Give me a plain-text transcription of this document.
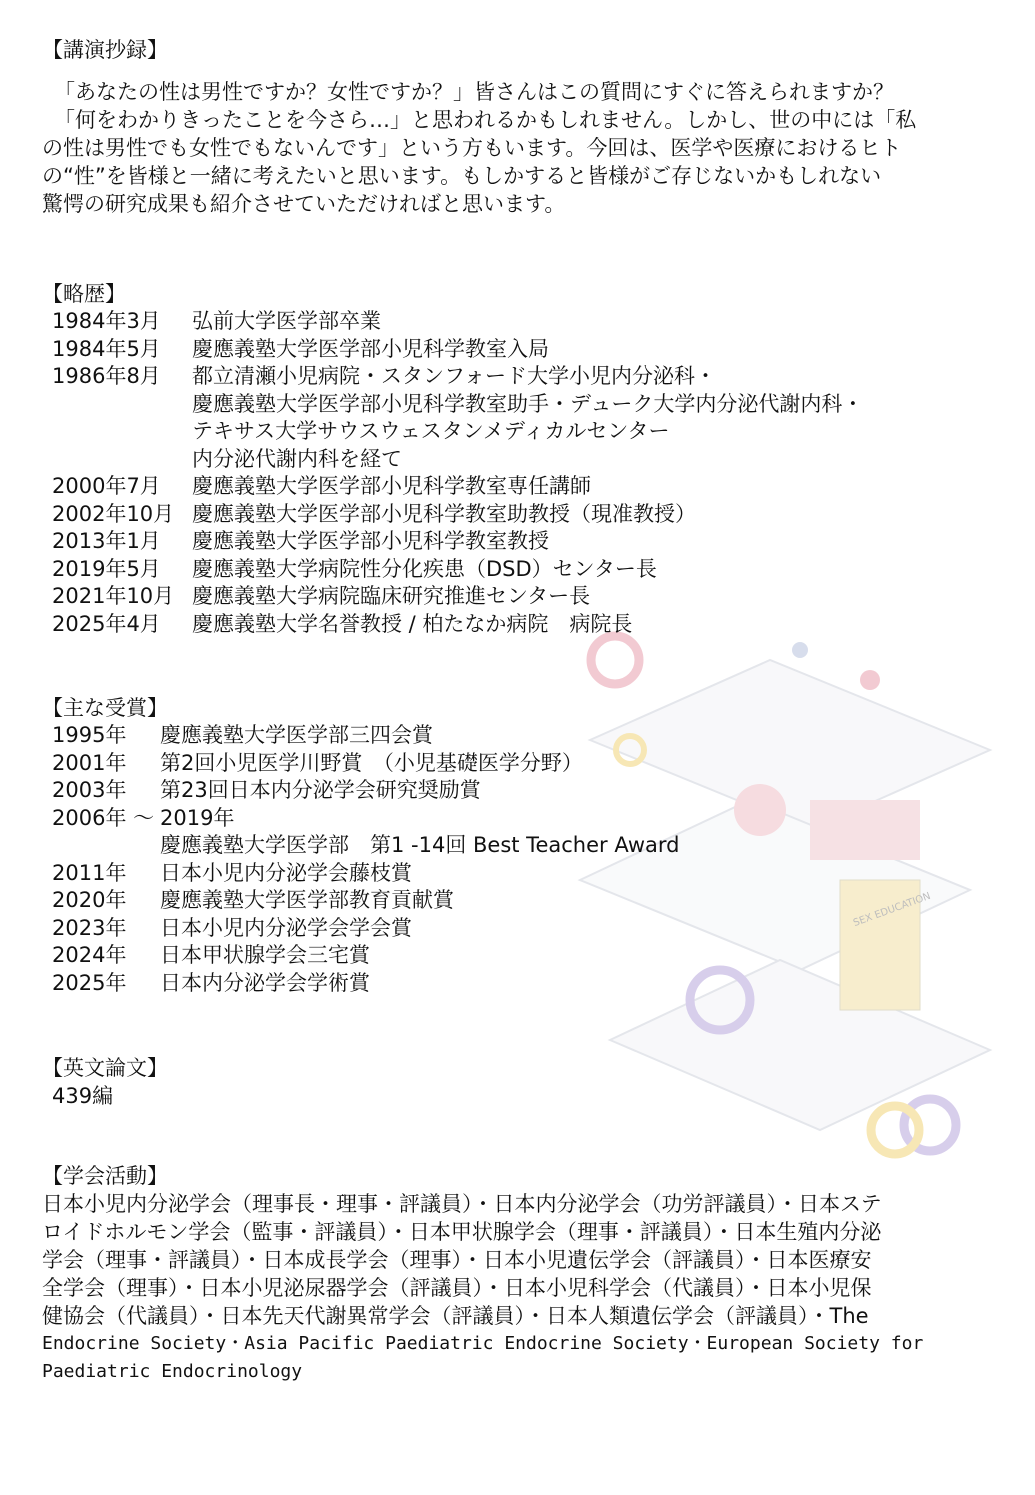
SEX EDUCATION
【講演抄録】
「あなたの性は男性ですか？女性ですか？」皆さんはこの質問にすぐに答えられますか？
「何をわかりきったことを今さら…」と思われるかもしれません。しかし、世の中には「私
の性は男性でも女性でもないんです」という方もいます。今回は、医学や医療におけるヒト
の“性”を皆様と一緒に考えたいと思います。もしかすると皆様がご存じないかもしれない
驚愕の研究成果も紹介させていただければと思います。
【略歴】
1984年3月	弘前大学医学部卒業
1984年5月	慶應義塾大学医学部小児科学教室入局
1986年8月	都立清瀬小児病院・スタンフォード大学小児内分泌科・
慶應義塾大学医学部小児科学教室助手・デューク大学内分泌代謝内科・
テキサス大学サウスウェスタンメディカルセンター
内分泌代謝内科を経て
2000年7月	慶應義塾大学医学部小児科学教室専任講師
2002年10月 慶應義塾大学医学部小児科学教室助教授（現准教授）
2013年1月	慶應義塾大学医学部小児科学教室教授
2019年5月	慶應義塾大学病院性分化疾患（DSD）センター長
2021年10月 慶應義塾大学病院臨床研究推進センター長
2025年4月	慶應義塾大学名誉教授 / 柏たなか病院　病院長
【主な受賞】
1995年	慶應義塾大学医学部三四会賞
2001年	第2回小児医学川野賞　（小児基礎医学分野）
2003年	第23回日本内分泌学会研究奨励賞
2006年 ～ 2019年
慶應義塾大学医学部　第1 -14回 Best Teacher Award
2011年	日本小児内分泌学会藤枝賞
2020年	慶應義塾大学医学部教育貢献賞
2023年	日本小児内分泌学会学会賞
2024年	日本甲状腺学会三宅賞
2025年	日本内分泌学会学術賞
【英文論文】
439編
【学会活動】
日本小児内分泌学会（理事長・理事・評議員）・日本内分泌学会（功労評議員）・日本ステ
ロイドホルモン学会（監事・評議員）・日本甲状腺学会（理事・評議員）・日本生殖内分泌
学会（理事・評議員）・日本成長学会（理事）・日本小児遺伝学会（評議員）・日本医療安
全学会（理事）・日本小児泌尿器学会（評議員）・日本小児科学会（代議員）・日本小児保
健協会（代議員）・日本先天代謝異常学会（評議員）・日本人類遺伝学会（評議員）・The
Endocrine Society・Asia Pacific Paediatric Endocrine Society・European Society for
Paediatric Endocrinology
